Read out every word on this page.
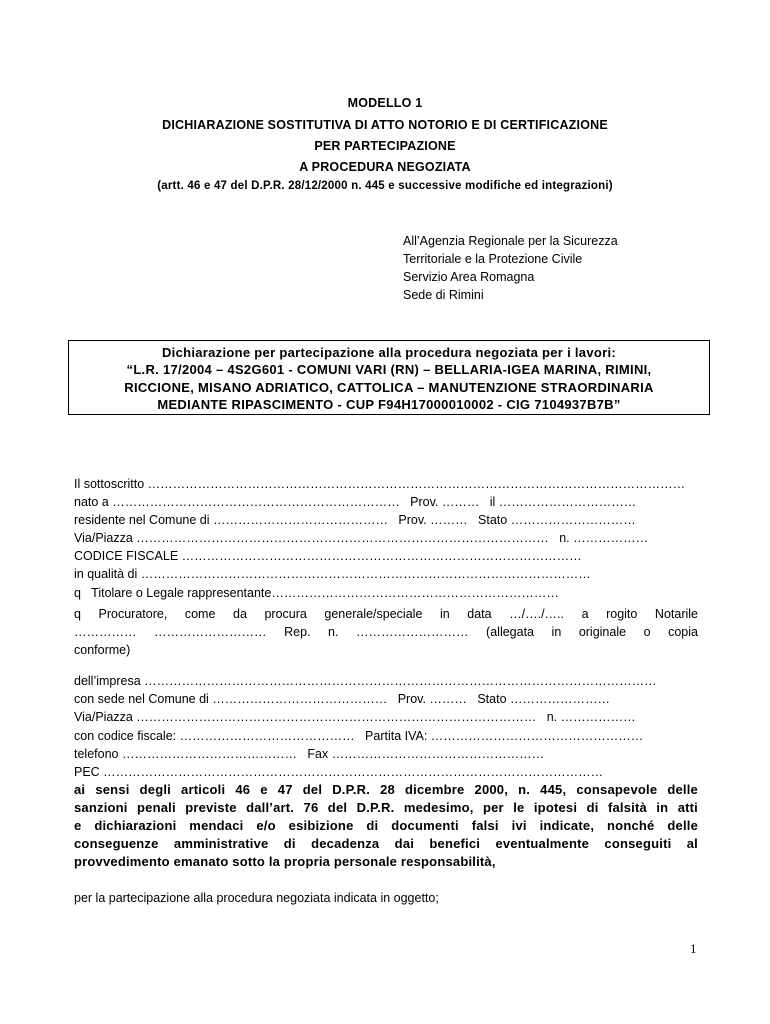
MODELLO 1
DICHIARAZIONE SOSTITUTIVA DI ATTO NOTORIO E DI CERTIFICAZIONE
PER PARTECIPAZIONE
A PROCEDURA NEGOZIATA
(artt. 46 e 47 del D.P.R. 28/12/2000 n. 445 e successive modifiche ed integrazioni)
All’Agenzia Regionale per la Sicurezza
Territoriale e la Protezione Civile
Servizio Area Romagna
Sede di Rimini
Dichiarazione per partecipazione alla procedura negoziata per i lavori:
“L.R. 17/2004 – 4S2G601 - COMUNI VARI (RN) – BELLARIA-IGEA MARINA, RIMINI,
RICCIONE, MISANO ADRIATICO, CATTOLICA – MANUTENZIONE STRAORDINARIA
MEDIANTE RIPASCIMENTO - CUP F94H17000010002 - CIG 7104937B7B”
Il sottoscritto …………………………………………………………………………………………………………………
nato a ……………………………………………………………   Prov. ………   il ……………………………
residente nel Comune di ……………………………………   Prov. ………   Stato …………………………
Via/Piazza ………………………………………………………………………………………   n. ………………
CODICE FISCALE ……………………………………………………………………………………
in qualità di ………………………………………………………………………………………………
q   Titolare o Legale rappresentante……………………………………………………………
q Procuratore, come da procura generale/speciale in data …/…./….. a rogito Notarile
…………… ……………………… Rep. n. ……………………… (allegata in originale o copia
conforme)
dell’impresa ……………………………………………………………………………………………………………
con sede nel Comune di ……………………………………   Prov. ………   Stato ……………………
Via/Piazza ……………………………………………………………………………………   n. ………………
con codice fiscale: ……………………………………   Partita IVA: ……………………………………………
telefono ……………………………………   Fax ……………………………………………
PEC …………………………………………………………………………………………………………
ai sensi degli articoli 46 e 47 del D.P.R. 28 dicembre 2000, n. 445, consapevole delle
sanzioni penali previste dall’art. 76 del D.P.R. medesimo, per le ipotesi di falsità in atti
e dichiarazioni mendaci e/o esibizione di documenti falsi ivi indicate, nonché delle
conseguenze amministrative di decadenza dai benefici eventualmente conseguiti al
provvedimento emanato sotto la propria personale responsabilità,
per la partecipazione alla procedura negoziata indicata in oggetto;
1
